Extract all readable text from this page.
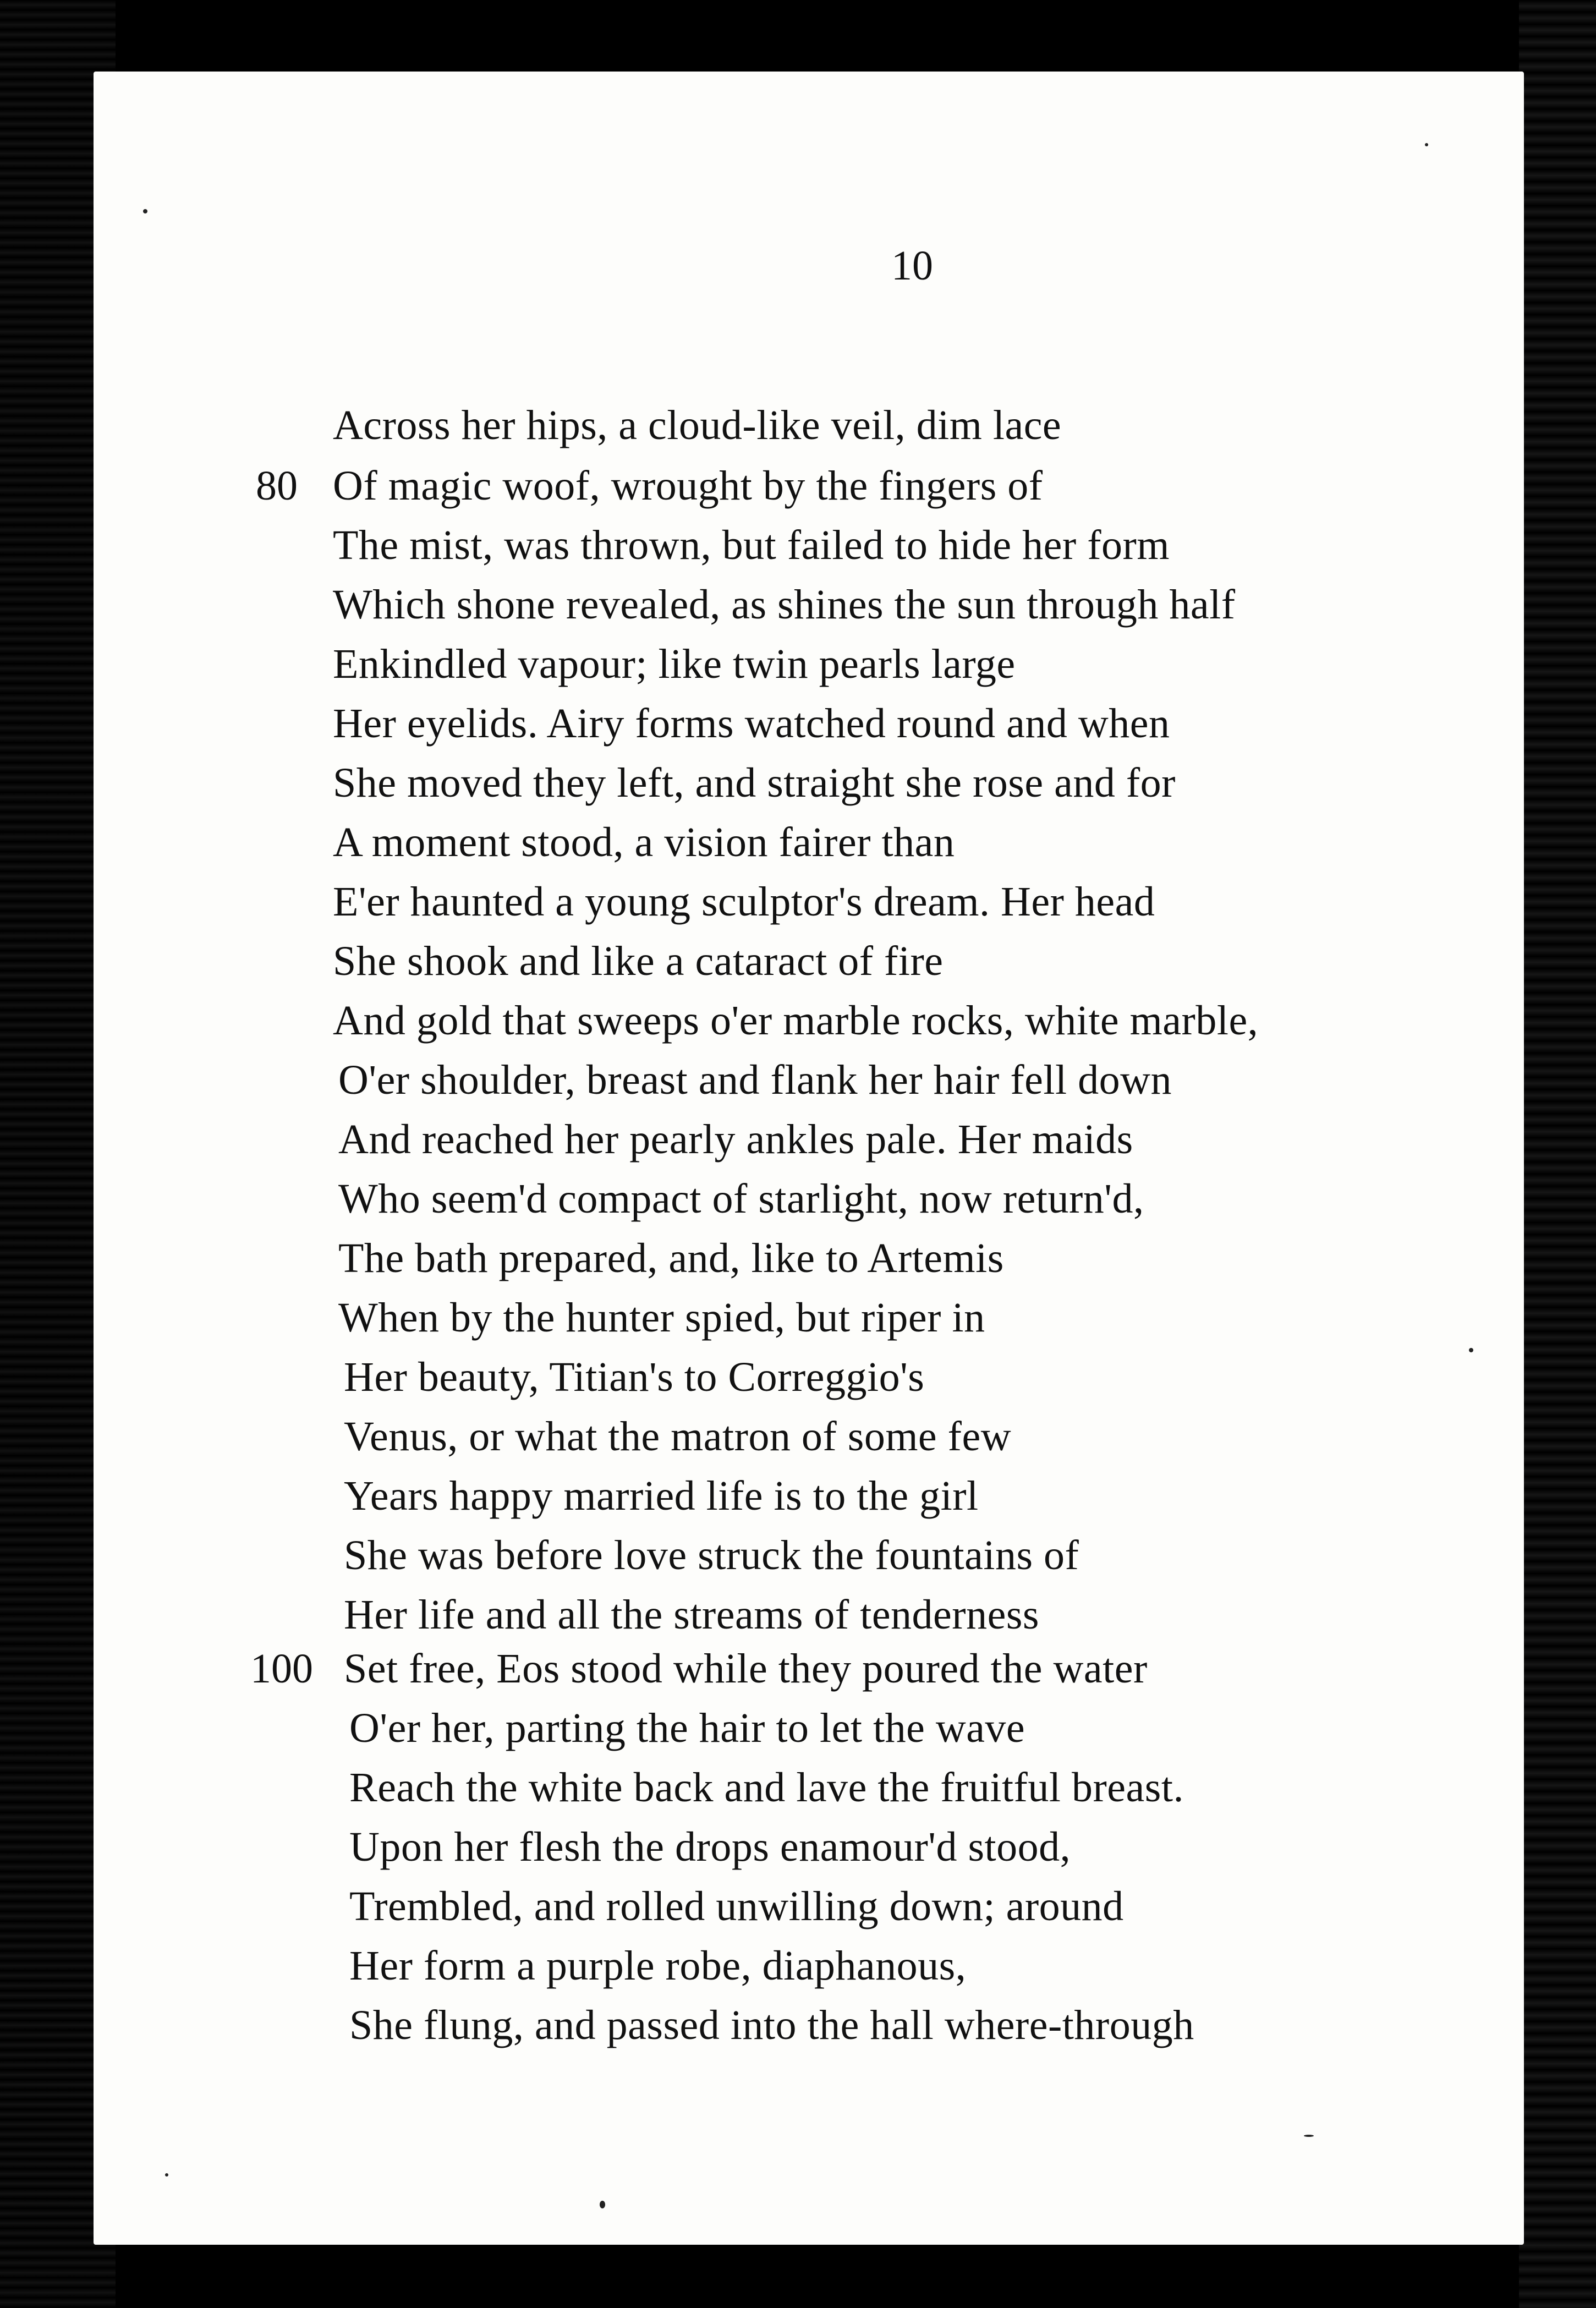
10
80
100
Across her hips, a cloud-like veil, dim lace
Of magic woof, wrought by the fingers of
The mist, was thrown, but failed to hide her form
Which shone revealed, as shines the sun through half
Enkindled vapour; like twin pearls large
Her eyelids. Airy forms watched round and when
She moved they left, and straight she rose and for
A moment stood, a vision fairer than
E'er haunted a young sculptor's dream. Her head
She shook and like a cataract of fire
And gold that sweeps o'er marble rocks, white marble,
O'er shoulder, breast and flank her hair fell down
And reached her pearly ankles pale. Her maids
Who seem'd compact of starlight, now return'd,
The bath prepared, and, like to Artemis
When by the hunter spied, but riper in
Her beauty, Titian's to Correggio's
Venus, or what the matron of some few
Years happy married life is to the girl
She was before love struck the fountains of
Her life and all the streams of tenderness
Set free, Eos stood while they poured the water
O'er her, parting the hair to let the wave
Reach the white back and lave the fruitful breast.
Upon her flesh the drops enamour'd stood,
Trembled, and rolled unwilling down; around
Her form a purple robe, diaphanous,
She flung, and passed into the hall where-through
